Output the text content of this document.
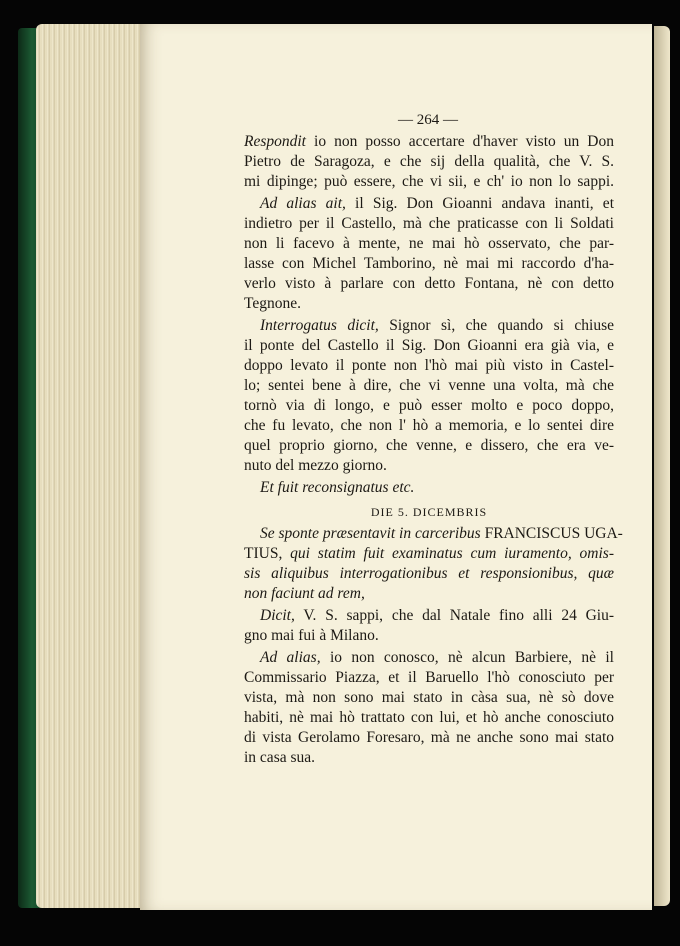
— 264 —
Respondit io non posso accertare d'haver visto un Don
Pietro de Saragoza, e che sij della qualità, che V. S.
mi dipinge; può essere, che vi sii, e ch' io non lo sappi.
Ad alias ait, il Sig. Don Gioanni andava inanti, et
indietro per il Castello, mà che praticasse con li Soldati
non li facevo à mente, ne mai hò osservato, che par-
lasse con Michel Tamborino, nè mai mi raccordo d'ha-
verlo visto à parlare con detto Fontana, nè con detto
Tegnone.
Interrogatus dicit, Signor sì, che quando si chiuse
il ponte del Castello il Sig. Don Gioanni era già via, e
doppo levato il ponte non l'hò mai più visto in Castel-
lo; sentei bene à dire, che vi venne una volta, mà che
tornò via di longo, e può esser molto e poco doppo,
che fu levato, che non l' hò a memoria, e lo sentei dire
quel proprio giorno, che venne, e dissero, che era ve-
nuto del mezzo giorno.
Et fuit reconsignatus etc.
DIE 5. DICEMBRIS
Se sponte præsentavit in carceribus FRANCISCUS UGA-
TIUS, qui statim fuit examinatus cum iuramento, omis-
sis aliquibus interrogationibus et responsionibus, quæ
non faciunt ad rem,
Dicit, V. S. sappi, che dal Natale fino alli 24 Giu-
gno mai fui à Milano.
Ad alias, io non conosco, nè alcun Barbiere, nè il
Commissario Piazza, et il Baruello l'hò conosciuto per
vista, mà non sono mai stato in càsa sua, nè sò dove
habiti, nè mai hò trattato con lui, et hò anche conosciuto
di vista Gerolamo Foresaro, mà ne anche sono mai stato
in casa sua.
